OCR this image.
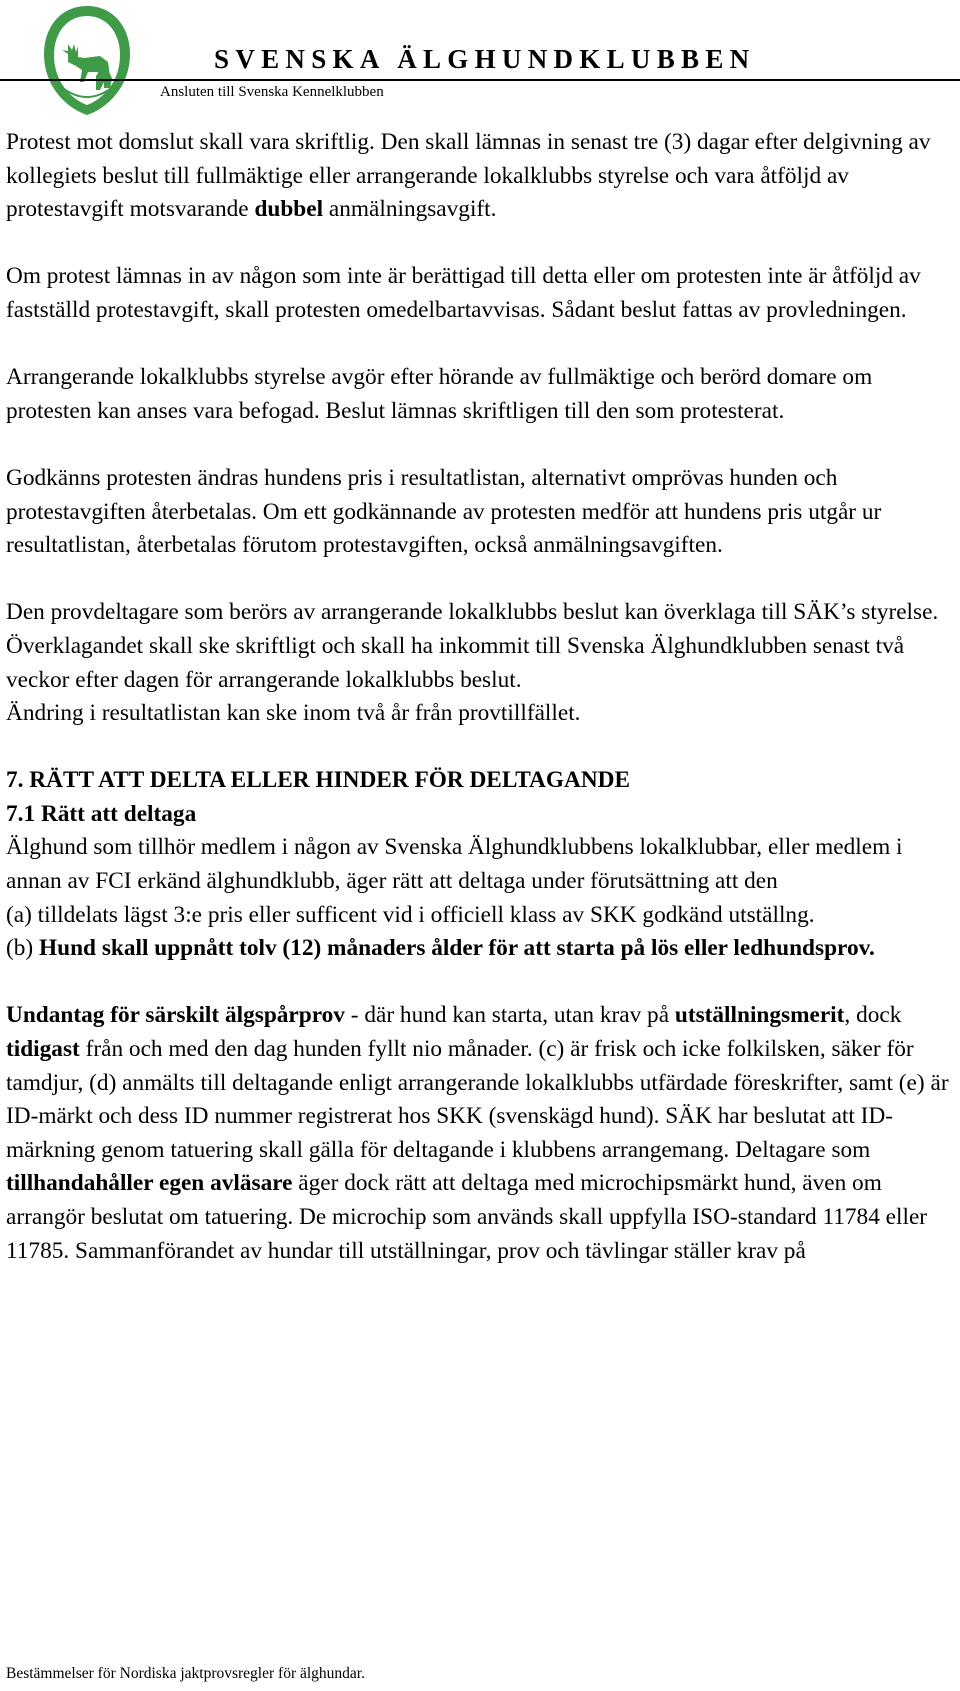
SVENSKA ÄLGHUNDKLUBBEN
Ansluten till Svenska Kennelklubben

Protest mot domslut skall vara skriftlig. Den skall lämnas in senast tre (3) dagar efter delgivning av kollegiets beslut till fullmäktige eller arrangerande lokalklubbs styrelse och vara åtföljd av protestavgift motsvarande dubbel anmälningsavgift.

Om protest lämnas in av någon som inte är berättigad till detta eller om protesten inte är åtföljd av fastställd protestavgift, skall protesten omedelbartavvisas. Sådant beslut fattas av provledningen.

Arrangerande lokalklubbs styrelse avgör efter hörande av fullmäktige och berörd domare om protesten kan anses vara befogad. Beslut lämnas skriftligen till den som protesterat.

Godkänns protesten ändras hundens pris i resultatlistan, alternativt omprövas hunden och protestavgiften återbetalas. Om ett godkännande av protesten medför att hundens pris utgår ur resultatlistan, återbetalas förutom protestavgiften, också anmälningsavgiften.

Den provdeltagare som berörs av arrangerande lokalklubbs beslut kan överklaga till SÄK’s styrelse. Överklagandet skall ske skriftligt och skall ha inkommit till Svenska Älghundklubben senast två veckor efter dagen för arrangerande lokalklubbs beslut.

Ändring i resultatlistan kan ske inom två år från provtillfället.

7. RÄTT ATT DELTA ELLER HINDER FÖR DELTAGANDE
7.1 Rätt att deltaga

Älghund som tillhör medlem i någon av Svenska Älghundklubbens lokalklubbar, eller medlem i annan av FCI erkänd älghundklubb, äger rätt att deltaga under förutsättning att den

(a) tilldelats lägst 3:e pris eller sufficent vid i officiell klass av SKK godkänd utställng.

(b) Hund skall uppnått tolv (12) månaders ålder för att starta på lös eller ledhundsprov.

Undantag för särskilt älgspårprov - där hund kan starta, utan krav på utställningsmerit, dock tidigast från och med den dag hunden fyllt nio månader. (c) är frisk och icke folkilsken, säker för tamdjur, (d) anmälts till deltagande enligt arrangerande lokalklubbs utfärdade föreskrifter, samt (e) är ID-märkt och dess ID nummer registrerat hos SKK (svenskägd hund). SÄK har beslutat att ID-märkning genom tatuering skall gälla för deltagande i klubbens arrangemang. Deltagare som tillhandahåller egen avläsare äger dock rätt att deltaga med microchipsmärkt hund, även om arrangör beslutat om tatuering. De microchip som används skall uppfylla ISO-standard 11784 eller 11785. Sammanförandet av hundar till utställningar, prov och tävlingar ställer krav på

Bestämmelser för Nordiska jaktprovsregler för älghundar.
